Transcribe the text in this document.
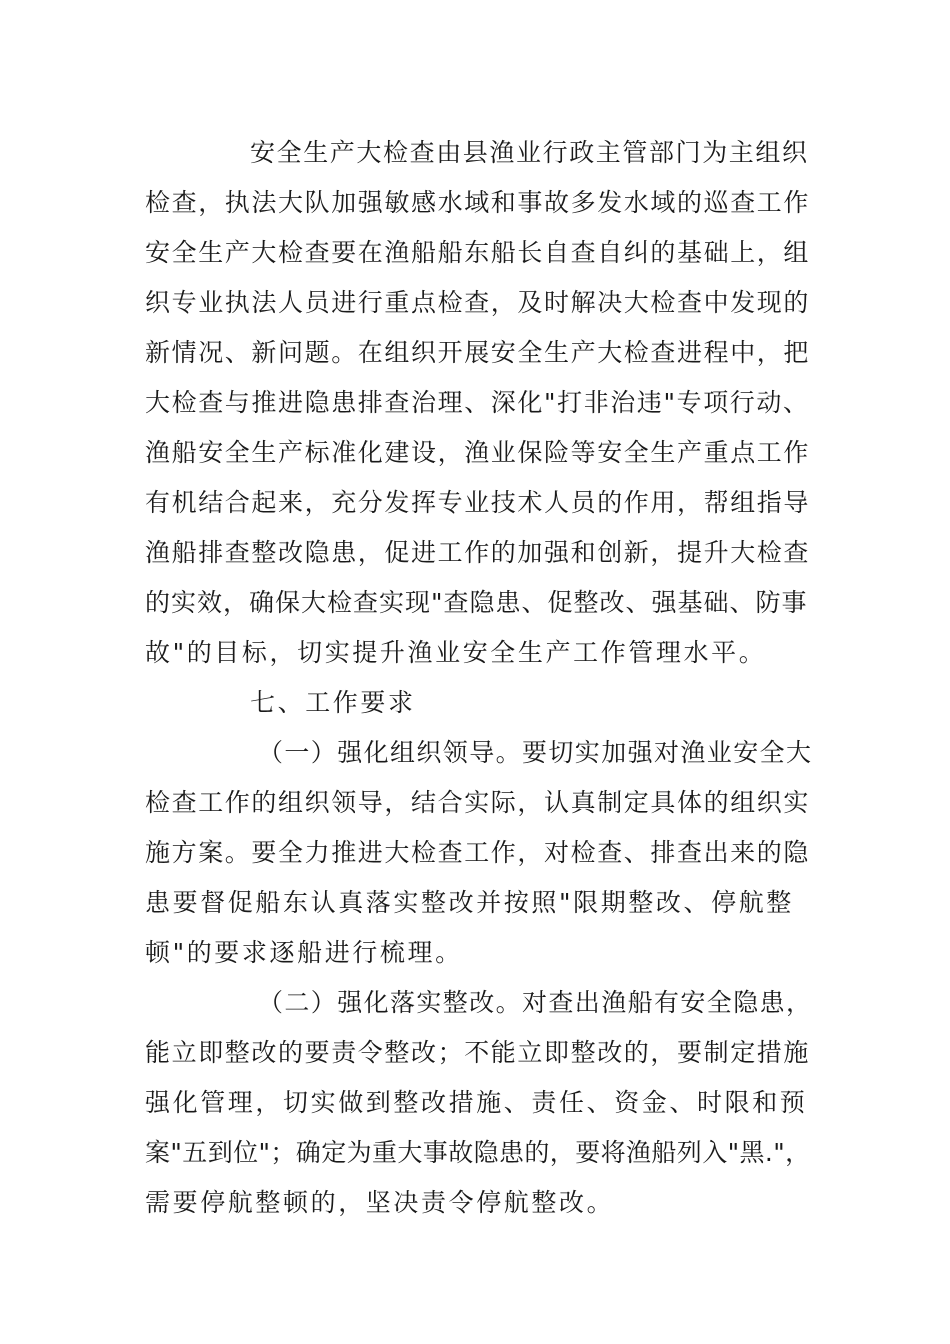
安全生产大检查由县渔业行政主管部门为主组织
检查，执法大队加强敏感水域和事故多发水域的巡查工作
安全生产大检查要在渔船船东船长自查自纠的基础上，组
织专业执法人员进行重点检查，及时解决大检查中发现的
新情况、新问题。在组织开展安全生产大检查进程中，把
大检查与推进隐患排查治理、深化"打非治违"专项行动、
渔船安全生产标准化建设，渔业保险等安全生产重点工作
有机结合起来，充分发挥专业技术人员的作用，帮组指导
渔船排查整改隐患，促进工作的加强和创新，提升大检查
的实效，确保大检查实现"查隐患、促整改、强基础、防事
故"的目标，切实提升渔业安全生产工作管理水平。
七、工作要求
（一）强化组织领导。要切实加强对渔业安全大
检查工作的组织领导，结合实际，认真制定具体的组织实
施方案。要全力推进大检查工作，对检查、排查出来的隐
患要督促船东认真落实整改并按照"限期整改、停航整
顿"的要求逐船进行梳理。
（二）强化落实整改。对查出渔船有安全隐患，
能立即整改的要责令整改；不能立即整改的，要制定措施
强化管理，切实做到整改措施、责任、资金、时限和预
案"五到位"；确定为重大事故隐患的，要将渔船列入"黑."，
需要停航整顿的，坚决责令停航整改。
